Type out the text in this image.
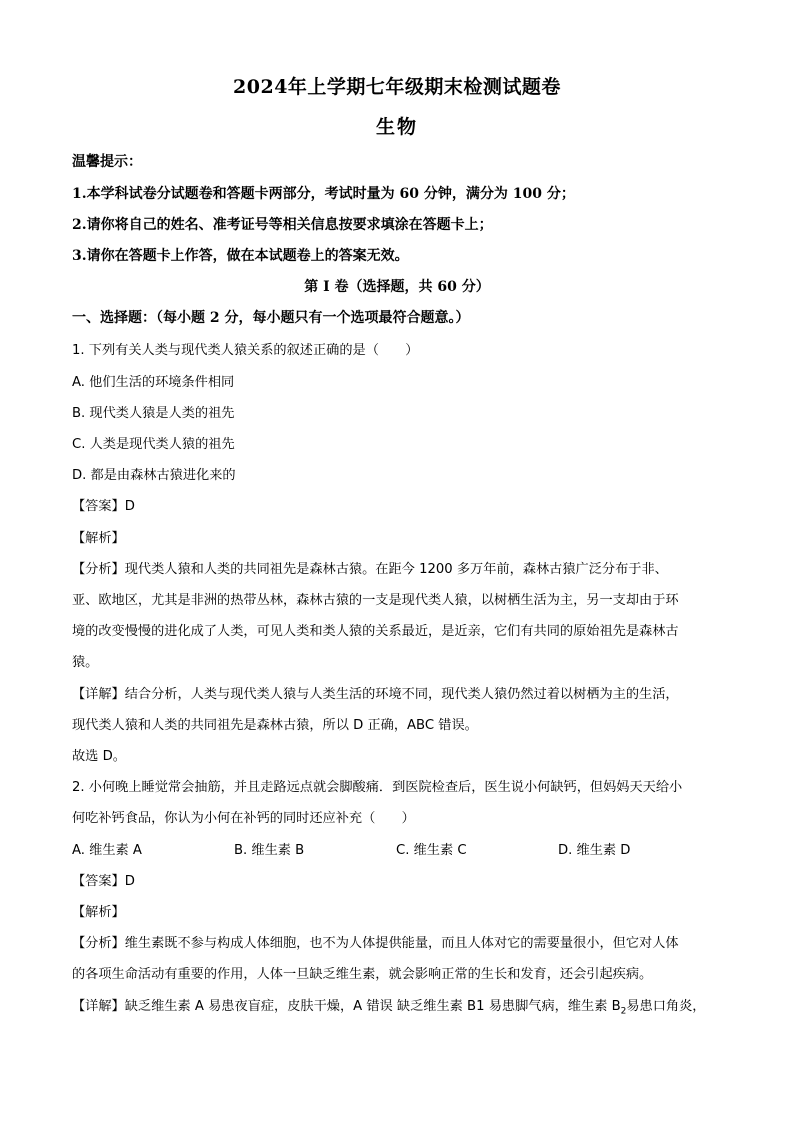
2024年上学期七年级期末检测试题卷
生物
温馨提示：
1.本学科试卷分试题卷和答题卡两部分，考试时量为 60 分钟，满分为 100 分；
2.请你将自己的姓名、准考证号等相关信息按要求填涂在答题卡上；
3.请你在答题卡上作答，做在本试题卷上的答案无效。
第 I 卷（选择题，共 60 分）
一、选择题：（每小题 2 分，每小题只有一个选项最符合题意。）
1. 下列有关人类与现代类人猿关系的叙述正确的是（　　）
A. 他们生活的环境条件相同
B. 现代类人猿是人类的祖先
C. 人类是现代类人猿的祖先
D. 都是由森林古猿进化来的
【答案】D
【解析】
【分析】现代类人猿和人类的共同祖先是森林古猿。在距今 1200 多万年前，森林古猿广泛分布于非、
亚、欧地区，尤其是非洲的热带丛林，森林古猿的一支是现代类人猿，以树栖生活为主，另一支却由于环
境的改变慢慢的进化成了人类，可见人类和类人猿的关系最近，是近亲，它们有共同的原始祖先是森林古
猿。
【详解】结合分析，人类与现代类人猿与人类生活的环境不同，现代类人猿仍然过着以树栖为主的生活，
现代类人猿和人类的共同祖先是森林古猿，所以 D 正确，ABC 错误。
故选 D。
2. 小何晚上睡觉常会抽筋，并且走路远点就会脚酸痛．到医院检查后，医生说小何缺钙，但妈妈天天给小
何吃补钙食品，你认为小何在补钙的同时还应补充（　　）
A. 维生素 A	B. 维生素 B	C. 维生素 C	D. 维生素 D
【答案】D
【解析】
【分析】维生素既不参与构成人体细胞，也不为人体提供能量，而且人体对它的需要量很小，但它对人体
的各项生命活动有重要的作用，人体一旦缺乏维生素，就会影响正常的生长和发育，还会引起疾病。
【详解】缺乏维生素 A 易患夜盲症，皮肤干燥，A 错误 缺乏维生素 B1 易患脚气病，维生素 $B_2$易患口角炎，
